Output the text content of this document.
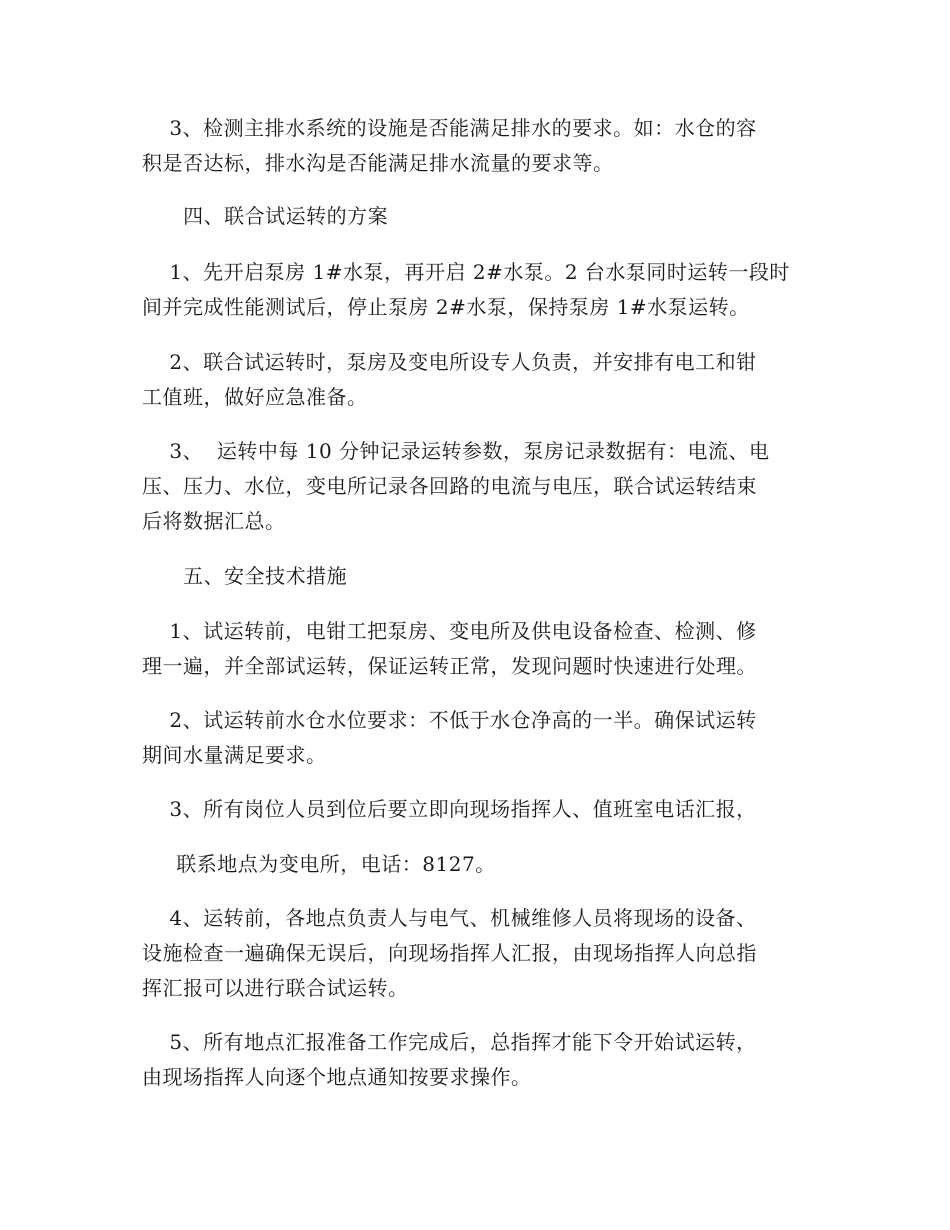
3、检测主排水系统的设施是否能满足排水的要求。如：水仓的容
积是否达标，排水沟是否能满足排水流量的要求等。
四、联合试运转的方案
1、先开启泵房 1#水泵，再开启 2#水泵。2 台水泵同时运转一段时
间并完成性能测试后，停止泵房 2#水泵，保持泵房 1#水泵运转。
2、联合试运转时，泵房及变电所设专人负责，并安排有电工和钳
工值班，做好应急准备。
3、  运转中每 10 分钟记录运转参数，泵房记录数据有：电流、电
压、压力、水位，变电所记录各回路的电流与电压，联合试运转结束
后将数据汇总。
五、安全技术措施
1、试运转前，电钳工把泵房、变电所及供电设备检查、检测、修
理一遍，并全部试运转，保证运转正常，发现问题时快速进行处理。
2、试运转前水仓水位要求：不低于水仓净高的一半。确保试运转
期间水量满足要求。
3、所有岗位人员到位后要立即向现场指挥人、值班室电话汇报，
联系地点为变电所，电话：8127。
4、运转前，各地点负责人与电气、机械维修人员将现场的设备、
设施检查一遍确保无误后，向现场指挥人汇报，由现场指挥人向总指
挥汇报可以进行联合试运转。
5、所有地点汇报准备工作完成后，总指挥才能下令开始试运转，
由现场指挥人向逐个地点通知按要求操作。
